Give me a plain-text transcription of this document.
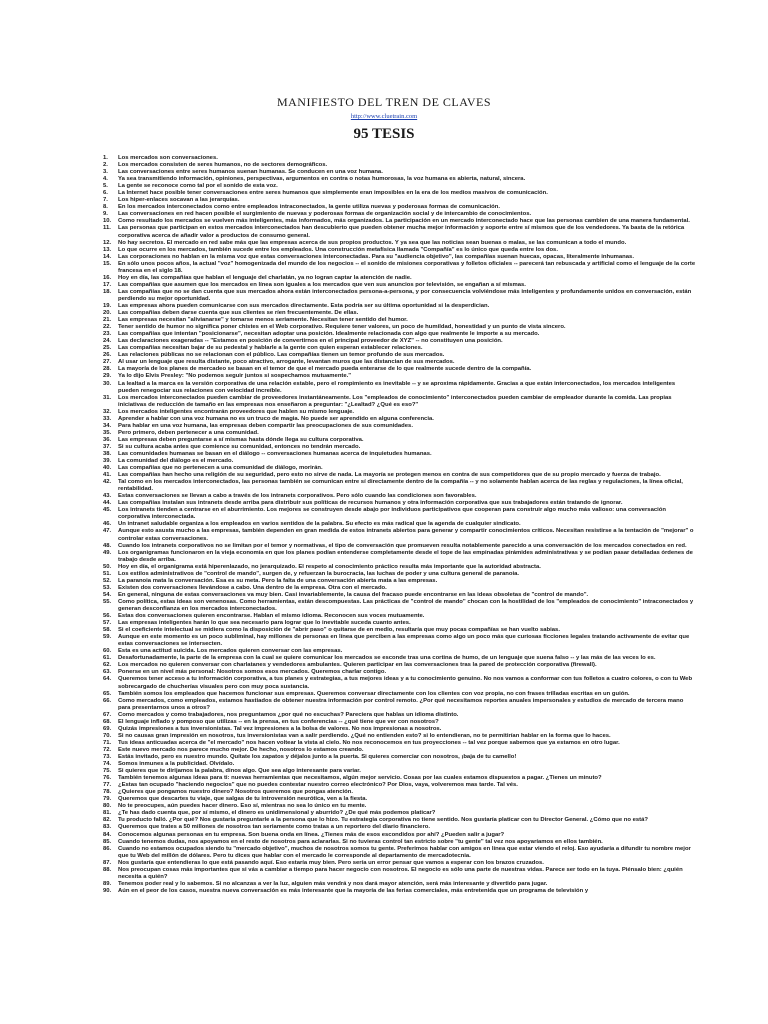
MANIFIESTO DEL TREN DE CLAVES
http://www.cluetrain.com
95 TESIS
1.	Los mercados son conversaciones.
2.	Los mercados consisten de seres humanos, no de sectores demográficos.
3.	Las conversaciones entre seres humanos suenan humanas. Se conducen en una voz humana.
4.	Ya sea transmitiendo información, opiniones, perspectivas, argumentos en contra o notas humorosas, la voz humana es abierta, natural, sincera.
5.	La gente se reconoce como tal por el sonido de esta voz.
6.	La Internet hace posible tener conversaciones entre seres humanos que simplemente eran imposibles en la era de los medios masivos de comunicación.
7.	Los hiper-enlaces socavan a las jerarquías.
8.	En los mercados interconectados como entre empleados intraconectados, la gente utiliza nuevas y poderosas formas de comunicación.
9.	Las conversaciones en red hacen posible el surgimiento de nuevas y poderosas formas de organización social y de intercambio de conocimientos.
10.	Como resultado los mercados se vuelven más inteligentes, más informados, más organizados. La participación en un mercado interconectado hace que las personas cambien de una manera fundamental.
11.	Las personas que participan en estos mercados interconectados han descubierto que pueden obtener mucha mejor información y soporte entre sí mismos que de los vendedores. Ya basta de la retórica corporativa acerca de añadir valor a productos de consumo general.
12.	No hay secretos. El mercado en red sabe más que las empresas acerca de sus propios productos. Y ya sea que las noticias sean buenas o malas, se las comunican a todo el mundo.
13.	Lo que ocurre en los mercados, también sucede entre los empleados. Una construcción metafísica llamada "Compañía" es lo único que queda entre los dos.
14.	Las corporaciones no hablan en la misma voz que estas conversaciones interconectadas. Para su "audiencia objetivo", las compañías suenan huecas, opacas, literalmente inhumanas.
15.	En sólo unos pocos años, la actual "voz" homogenizada del mundo de los negocios -- el sonido de misiones corporativas y folletos oficiales -- parecerá tan rebuscada y artificial como el lenguaje de la corte francesa en el siglo 18.
16.	Hoy en día, las compañías que hablan el lenguaje del charlatán, ya no logran captar la atención de nadie.
17.	Las compañías que asumen que los mercados en línea son iguales a los mercados que ven sus anuncios por televisión, se engañan a sí mismas.
18.	Las compañías que no se dan cuenta que sus mercados ahora están interconectados persona-a-persona, y por consecuencia volviéndose más inteligentes y profundamente unidos en conversación, están perdiendo su mejor oportunidad.
19.	Las empresas ahora pueden comunicarse con sus mercados directamente. Esta podría ser su última oportunidad si la desperdician.
20.	Las compañías deben darse cuenta que sus clientes se ríen frecuentemente. De ellas.
21.	Las empresas necesitan "alivianarse" y tomarse menos seriamente. Necesitan tener sentido del humor.
22.	Tener sentido de humor no significa poner chistes en el Web corporativo. Requiere tener valores, un poco de humildad, honestidad y un punto de vista sincero.
23.	Las compañías que intentan "posicionarse", necesitan adoptar una posición. Idealmente relacionada con algo que realmente le importe a su mercado.
24.	Las declaraciones exageradas -- "Estamos en posición de convertirnos en el principal proveedor de XYZ" -- no constituyen una posición.
25.	Las compañías necesitan bajar de su pedestal y hablarle a la gente con quien esperan establecer relaciones.
26.	Las relaciones públicas no se relacionan con el público. Las compañías tienen un temor profundo de sus mercados.
27.	Al usar un lenguaje que resulta distante, poco atractivo, arrogante, levantan muros que las distancian de sus mercados.
28.	La mayoría de los planes de mercadeo se basan en el temor de que el mercado pueda enterarse de lo que realmente sucede dentro de la compañía.
29.	Ya lo dijo Elvis Presley: "No podemos seguir juntos si sospechamos mutuamente."
30.	La lealtad a la marca es la versión corporativa de una relación estable, pero el rompimiento es inevitable -- y se aproxima rápidamente. Gracias a que están interconectados, los mercados inteligentes pueden renegociar sus relaciones con velocidad increíble.
31.	Los mercados interconectados pueden cambiar de proveedores instantáneamente. Los "empleados de conocimiento" interconectados pueden cambiar de empleador durante la comida. Las propias iniciativas de reducción de tamaño en las empresas nos enseñaron a preguntar: "¿Lealtad? ¿Qué es eso?"
32.	Los mercados inteligentes encontrarán proveedores que hablen su mismo lenguaje.
33.	Aprender a hablar con una voz humana no es un truco de magia. No puede ser aprendido en alguna conferencia.
34.	Para hablar en una voz humana, las empresas deben compartir las preocupaciones de sus comunidades.
35.	Pero primero, deben pertenecer a una comunidad.
36.	Las empresas deben preguntarse a sí mismas hasta dónde llega su cultura corporativa.
37.	Si su cultura acaba antes que comience su comunidad, entonces no tendrán mercado.
38.	Las comunidades humanas se basan en el diálogo -- conversaciones humanas acerca de inquietudes humanas.
39.	La comunidad del diálogo es el mercado.
40.	Las compañías que no pertenecen a una comunidad de diálogo, morirán.
41.	Las compañías han hecho una religión de su seguridad, pero esto no sirve de nada. La mayoría se protegen menos en contra de sus competidores que de su propio mercado y fuerza de trabajo.
42.	Tal como en los mercados interconectados, las personas también se comunican entre sí directamente dentro de la compañía -- y no solamente hablan acerca de las reglas y regulaciones, la línea oficial, rentabilidad.
43.	Estas conversaciones se llevan a cabo a través de los intranets corporativos. Pero sólo cuando las condiciones son favorables.
44.	Las compañías instalan sus intranets desde arriba para distribuir sus políticas de recursos humanos y otra información corporativa que sus trabajadores están tratando de ignorar.
45.	Los intranets tienden a centrarse en el aburrimiento. Los mejores se construyen desde abajo por individuos participativos que cooperan para construir algo mucho más valioso: una conversación corporativa interconectada.
46.	Un intranet saludable organiza a los empleados en varios sentidos de la palabra. Su efecto es más radical que la agenda de cualquier sindicato.
47.	Aunque esto asusta mucho a las empresas, también dependen en gran medida de estos intranets abiertos para generar y compartir conocimientos críticos. Necesitan resistirse a la tentación de "mejorar" o controlar estas conversaciones.
48.	Cuando los intranets corporativos no se limitan por el temor y normativas, el tipo de conversación que promueven resulta notablemente parecido a una conversación de los mercados conectados en red.
49.	Los organigramas funcionaron en la vieja economía en que los planes podían entenderse completamente desde el tope de las empinadas pirámides administrativas y se podían pasar detalladas órdenes de trabajo desde arriba.
50.	Hoy en día, el organigrama está hiperenlazado, no jerarquizado. El respeto al conocimiento práctico resulta más importante que la autoridad abstracta.
51.	Los estilos administrativos de "control de mando", surgen de, y refuerzan la burocracia, las luchas de poder y una cultura general de paranoia.
52.	La paranoia mata la conversación. Esa es su meta. Pero la falta de una conversación abierta mata a las empresas.
53.	Existen dos conversaciones llevándose a cabo. Una dentro de la empresa. Otra con el mercado.
54.	En general, ninguna de estas conversaciones va muy bien. Casi invariablemente, la causa del fracaso puede encontrarse en las ideas obsoletas de "control de mando".
55.	Como política, estas ideas son venenosas. Como herramientas, están descompuestas. Las prácticas de "control de mando" chocan con la hostilidad de los "empleados de conocimiento" intraconectados y generan desconfianza en los mercados interconectados.
56.	Estas dos conversaciones quieren encontrarse. Hablan el mismo idioma. Reconocen sus voces mutuamente.
57.	Las empresas inteligentes harán lo que sea necesario para lograr que lo inevitable suceda cuanto antes.
58.	Si el coeficiente intelectual se midiera como la disposición de "abrir paso" o quitarse de en medio, resultaría que muy pocas compañías se han vuelto sabias.
59.	Aunque en este momento es un poco subliminal, hay millones de personas en línea que perciben a las empresas como algo un poco más que curiosas ficciones legales tratando activamente de evitar que estas conversaciones se intersecten.
60.	Esta es una actitud suicida. Los mercados quieren conversar con las empresas.
61.	Desafortunadamente, la parte de la empresa con la cual se quiere comunicar los mercados se esconde tras una cortina de humo, de un lenguaje que suena falso -- y las más de las veces lo es.
62.	Los mercados no quieren conversar con charlatanes y vendedores ambulantes. Quieren participar en las conversaciones tras la pared de protección corporativa (firewall).
63.	Ponerse en un nivel más personal: Nosotros somos esos mercados. Queremos charlar contigo.
64.	Queremos tener acceso a tu información corporativa, a tus planes y estrategias, a tus mejores ideas y a tu conocimiento genuino. No nos vamos a conformar con tus folletos a cuatro colores, o con tu Web sobrecargado de chucherías visuales pero con muy poca sustancia.
65.	También somos los empleados que hacemos funcionar sus empresas. Queremos conversar directamente con los clientes con voz propia, no con frases trilladas escritas en un guión.
66.	Como mercados, como empleados, estamos hastiados de obtener nuestra información por control remoto. ¿Por qué necesitamos reportes anuales impersonales y estudios de mercado de tercera mano para presentarnos unos a otros?
67.	Como mercados y como trabajadores, nos preguntamos ¿por qué no escuchas? Pareciera que hablas un idioma distinto.
68.	El lenguaje inflado y pomposo que utilizas -- en la prensa, en tus conferencias -- ¿qué tiene que ver con nosotros?
69.	Quizás impresiones a tus inversionistas. Tal vez impresiones a la bolsa de valores. No nos impresionas a nosotros.
70.	Si no causas gran impresión en nosotros, tus inversionistas van a salir perdiendo. ¿Qué no entienden esto? si lo entendieran, no te permitirían hablar en la forma que lo haces.
71.	Tus ideas anticuadas acerca de "el mercado" nos hacen voltear la vista al cielo. No nos reconocemos en tus proyecciones -- tal vez porque sabemos que ya estamos en otro lugar.
72.	Este nuevo mercado nos parece mucho mejor. De hecho, nosotros lo estamos creando.
73.	Estás invitado, pero es nuestro mundo. Quítate los zapatos y déjalos junto a la puerta. Si quieres comerciar con nosotros, ¡baja de tu camello!
74.	Somos inmunes a la publicidad. Olvídalo.
75.	Si quieres que te dirijamos la palabra, dinos algo. Que sea algo interesante para variar.
76.	También tenemos algunas ideas para ti: nuevas herramientas que necesitamos, algún mejor servicio. Cosas por las cuales estamos dispuestos a pagar. ¿Tienes un minuto?
77.	¿Estas tan ocupado "haciendo negocios" que no puedes contestar nuestro correo electrónico? Por Dios, vaya, volveremos mas tarde. Tal vés.
78.	¿Quieres que pongamos nuestro dinero? Nosotros queremos que pongas atención.
79.	Queremos que descartes tu viaje, que salgas de tu introversión neurótica, ven a la fiesta.
80.	No te preocupes, aún puedes hacer dinero. Eso sí, mientras no sea lo único en tu mente.
81.	¿Te has dado cuenta que, por sí mismo, el dinero es unidimensional y aburrido? ¿De qué más podemos platicar?
82.	Tu producto falló. ¿Por qué? Nos gustaría preguntarle a la persona que lo hizo. Tu estrategia corporativa no tiene sentido. Nos gustaría platicar con tu Director General. ¿Cómo que no está?
83.	Queremos que trates a 50 millones de nosotros tan seriamente como tratas a un reportero del diario financiero.
84.	Conocemos algunas personas en tu empresa. Son buena onda en línea. ¿Tienes más de esos escondidos por ahí? ¿Pueden salir a jugar?
85.	Cuando tenemos dudas, nos apoyamos en el resto de nosotros para aclararlas. Si no tuvieras control tan estricto sobre "tu gente" tal vez nos apoyaríamos en ellos también.
86.	Cuando no estamos ocupados siendo tu "mercado objetivo", muchos de nosotros somos tu gente. Preferimos hablar con amigos en línea que estar viendo el reloj. Eso ayudaría a difundir tu nombre mejor que tu Web del millón de dólares. Pero tu dices que hablar con el mercado le corresponde al departamento de mercadotecnia.
87.	Nos gustaría que entendieras lo que está pasando aquí. Eso estaría muy bien. Pero sería un error pensar que vamos a esperar con los brazos cruzados.
88.	Nos preocupan cosas más importantes que si vás a cambiar a tiempo para hacer negocio con nosotros. El negocio es sólo una parte de nuestras vidas. Parece ser todo en la tuya. Piénsalo bien: ¿quién necesita a quién?
89.	Tenemos poder real y lo sabemos. Si no alcanzas a ver la luz, alguien más vendrá y nos dará mayor atención, será más interesante y divertido para jugar.
90.	Aún en el peor de los casos, nuestra nueva conversación es más interesante que la mayoría de las ferias comerciales, más entretenida que un programa de televisión y
